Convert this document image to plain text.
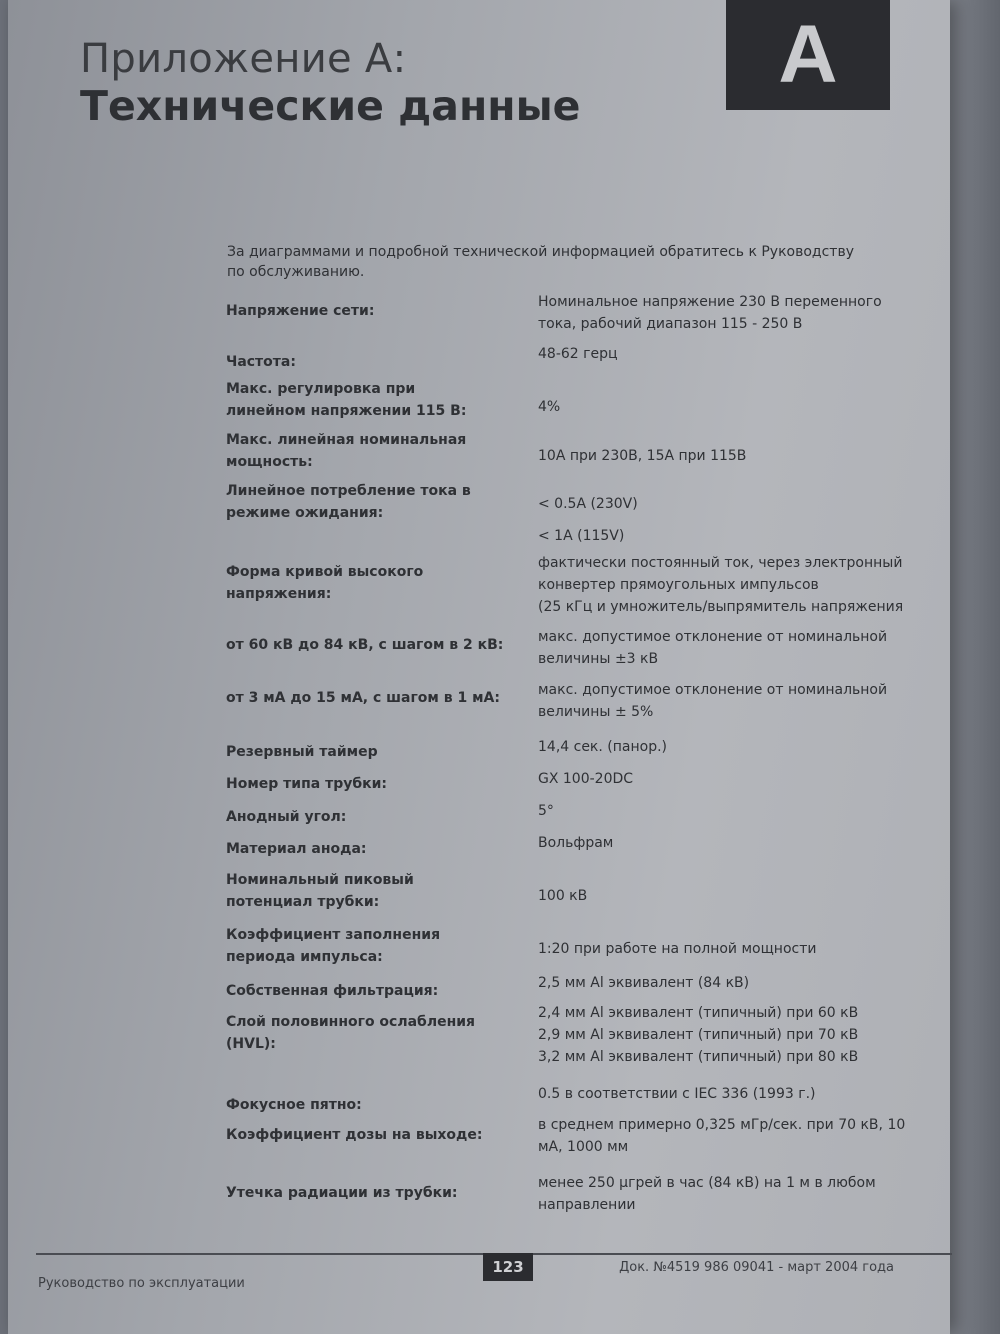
Приложение А:
Технические данные
A

За диаграммами и подробной технической информацией обратитесь к Руководству по обслуживанию.

Напряжение сети:
Номинальное напряжение 230 В переменного тока, рабочий диапазон 115 - 250 В
Частота:	48-62 герц
Макс. регулировка при линейном напряжении 115 В:	4%
Макс. линейная номинальная мощность:	10A при 230В, 15A при 115В
Линейное потребление тока в режиме ожидания:
< 0.5A (230V)

< 1A (115V)
Форма кривой высокого напряжения:
фактически постоянный ток, через электронный конвертер прямоугольных импульсов
(25 кГц и умножитель/выпрямитель напряжения
от 60 кВ до 84 кВ, с шагом в 2 кВ:	макс. допустимое отклонение от номинальной величины ±3 кВ
от 3 мА до 15 мА, с шагом в 1 мА:	макс. допустимое отклонение от номинальной величины ± 5%
Резервный таймер	14,4 сек. (панор.)
Номер типа трубки:	GX 100-20DC
Анодный угол:	5°
Материал анода:	Вольфрам
Номинальный пиковый потенциал трубки:	100 кВ
Коэффициент заполнения периода импульса:	1:20 при работе на полной мощности
Собственная фильтрация:	2,5 мм Al эквивалент (84 кВ)
Слой половинного ослабления (HVL):
2,4 мм Al эквивалент (типичный) при 60 кВ
2,9 мм Al эквивалент (типичный) при 70 кВ
3,2 мм Al эквивалент (типичный) при 80 кВ
Фокусное пятно:
0.5 в соответствии с IEC 336 (1993 г.)
Коэффициент дозы на выходе:
в среднем примерно 0,325 мГр/сек. при 70 кВ, 10 мА, 1000 мм
Утечка радиации из трубки:
менее 250 μгрей в час (84 кВ) на 1 м в любом направлении
123
Руководство по эксплуатации
Док. №4519 986 09041 - март 2004 года
